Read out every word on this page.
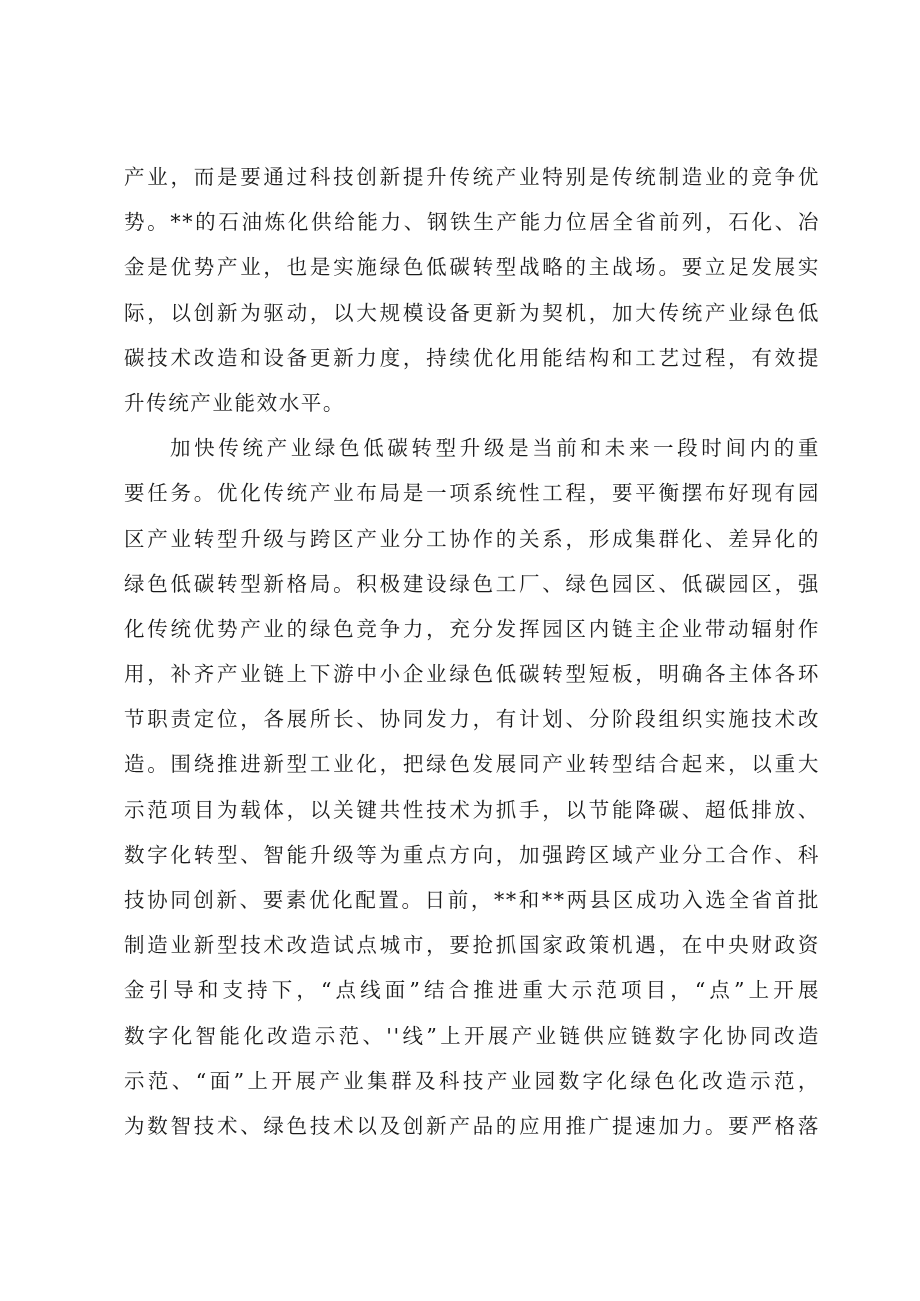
产业，而是要通过科技创新提升传统产业特别是传统制造业的竞争优
势。**的石油炼化供给能力、钢铁生产能力位居全省前列，石化、冶
金是优势产业，也是实施绿色低碳转型战略的主战场。要立足发展实
际，以创新为驱动，以大规模设备更新为契机，加大传统产业绿色低
碳技术改造和设备更新力度，持续优化用能结构和工艺过程，有效提
升传统产业能效水平。
加快传统产业绿色低碳转型升级是当前和未来一段时间内的重
要任务。优化传统产业布局是一项系统性工程，要平衡摆布好现有园
区产业转型升级与跨区产业分工协作的关系，形成集群化、差异化的
绿色低碳转型新格局。积极建设绿色工厂、绿色园区、低碳园区，强
化传统优势产业的绿色竞争力，充分发挥园区内链主企业带动辐射作
用，补齐产业链上下游中小企业绿色低碳转型短板，明确各主体各环
节职责定位，各展所长、协同发力，有计划、分阶段组织实施技术改
造。围绕推进新型工业化，把绿色发展同产业转型结合起来，以重大
示范项目为载体，以关键共性技术为抓手，以节能降碳、超低排放、
数字化转型、智能升级等为重点方向，加强跨区域产业分工合作、科
技协同创新、要素优化配置。日前，**和**两县区成功入选全省首批
制造业新型技术改造试点城市，要抢抓国家政策机遇，在中央财政资
金引导和支持下，“点线面”结合推进重大示范项目，“点”上开展
数字化智能化改造示范、''线”上开展产业链供应链数字化协同改造
示范、“面”上开展产业集群及科技产业园数字化绿色化改造示范，
为数智技术、绿色技术以及创新产品的应用推广提速加力。要严格落
